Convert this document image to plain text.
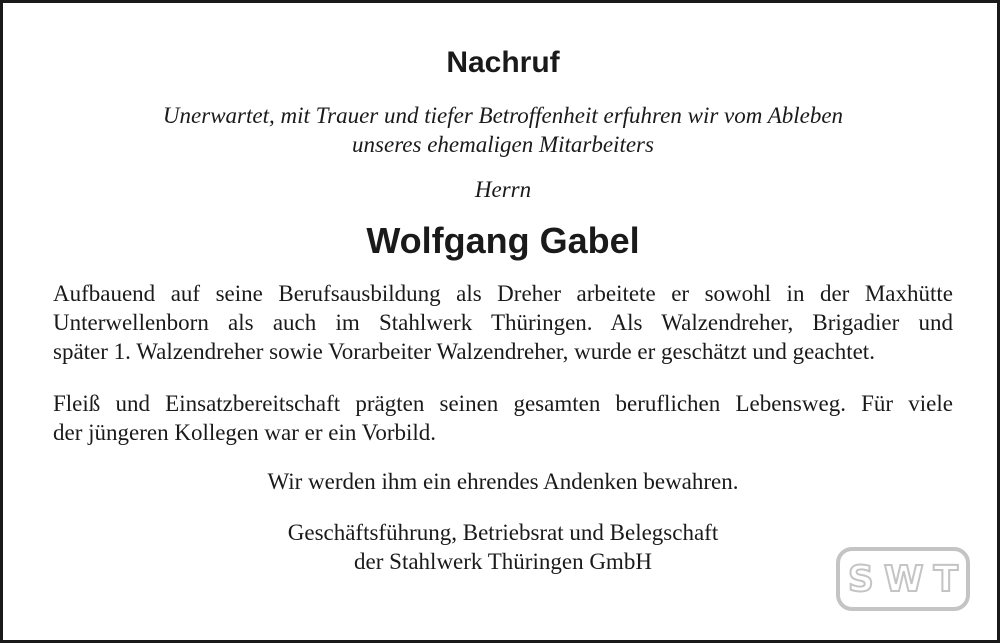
Nachruf
Unerwartet, mit Trauer und tiefer Betroffenheit erfuhren wir vom Ableben
unseres ehemaligen Mitarbeiters
Herrn
Wolfgang Gabel
Aufbauend auf seine Berufsausbildung als Dreher arbeitete er sowohl in der Maxhütte
Unterwellenborn als auch im Stahlwerk Thüringen. Als Walzendreher, Brigadier und
später 1. Walzendreher sowie Vorarbeiter Walzendreher, wurde er geschätzt und geachtet.
Fleiß und Einsatzbereitschaft prägten seinen gesamten beruflichen Lebensweg. Für viele
der jüngeren Kollegen war er ein Vorbild.
Wir werden ihm ein ehrendes Andenken bewahren.
Geschäftsführung, Betriebsrat und Belegschaft
der Stahlwerk Thüringen GmbH	SWT
